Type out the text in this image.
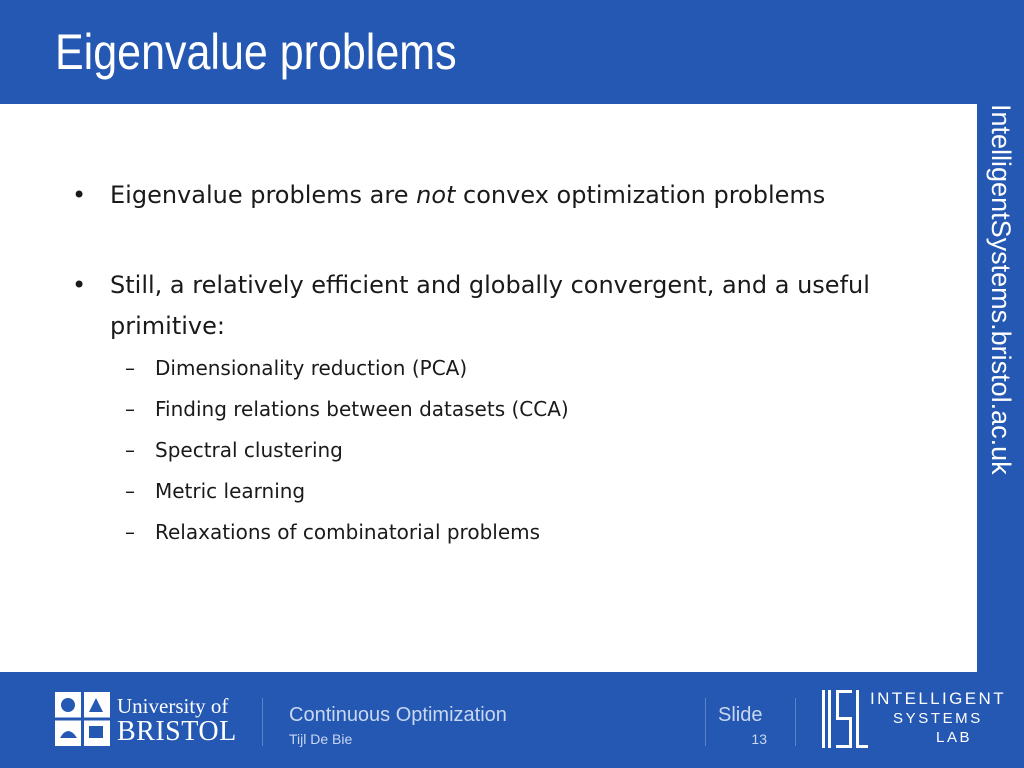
Eigenvalue problems
• Eigenvalue problems are not convex optimization problems
• Still, a relatively efficient and globally convergent, and a useful primitive:
– Dimensionality reduction (PCA)
– Finding relations between datasets (CCA)
– Spectral clustering
– Metric learning
– Relaxations of combinatorial problems
IntelligentSystems.bristol.ac.uk
University of
BRISTOL
Continuous Optimization
Tijl De Bie
Slide
13
INTELLIGENT
SYSTEMS
LAB
